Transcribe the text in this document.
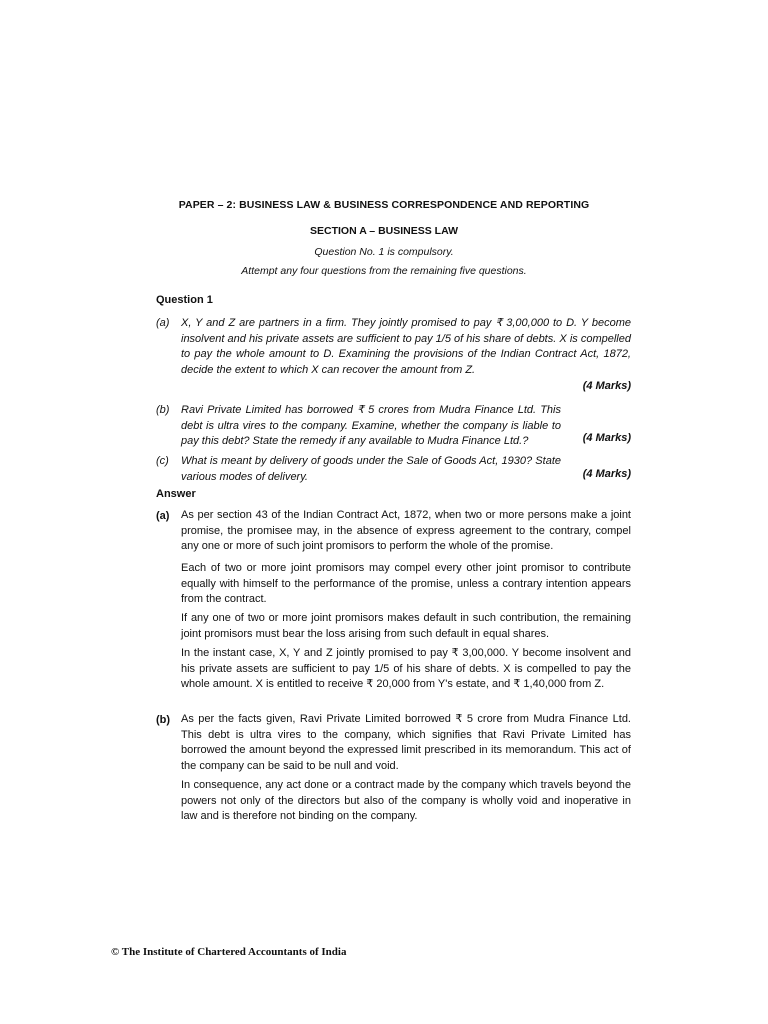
PAPER – 2: BUSINESS LAW & BUSINESS CORRESPONDENCE AND REPORTING
SECTION A – BUSINESS LAW
Question No. 1 is compulsory.
Attempt any four questions from the remaining five questions.
Question 1
(a) X, Y and Z are partners in a firm. They jointly promised to pay ₹ 3,00,000 to D. Y become insolvent and his private assets are sufficient to pay 1/5 of his share of debts. X is compelled to pay the whole amount to D. Examining the provisions of the Indian Contract Act, 1872, decide the extent to which X can recover the amount from Z.
(4 Marks)
(b) Ravi Private Limited has borrowed ₹ 5 crores from Mudra Finance Ltd. This debt is ultra vires to the company. Examine, whether the company is liable to pay this debt? State the remedy if any available to Mudra Finance Ltd.?	(4 Marks)
(c) What is meant by delivery of goods under the Sale of Goods Act, 1930? State various modes of delivery.	(4 Marks)
Answer
(a) As per section 43 of the Indian Contract Act, 1872, when two or more persons make a joint promise, the promisee may, in the absence of express agreement to the contrary, compel any one or more of such joint promisors to perform the whole of the promise.
Each of two or more joint promisors may compel every other joint promisor to contribute equally with himself to the performance of the promise, unless a contrary intention appears from the contract.
If any one of two or more joint promisors makes default in such contribution, the remaining joint promisors must bear the loss arising from such default in equal shares.
In the instant case, X, Y and Z jointly promised to pay ₹ 3,00,000. Y become insolvent and his private assets are sufficient to pay 1/5 of his share of debts. X is compelled to pay the whole amount. X is entitled to receive ₹ 20,000 from Y's estate, and ₹ 1,40,000 from Z.
(b) As per the facts given, Ravi Private Limited borrowed ₹ 5 crore from Mudra Finance Ltd. This debt is ultra vires to the company, which signifies that Ravi Private Limited has borrowed the amount beyond the expressed limit prescribed in its memorandum. This act of the company can be said to be null and void.
In consequence, any act done or a contract made by the company which travels beyond the powers not only of the directors but also of the company is wholly void and inoperative in law and is therefore not binding on the company.
© The Institute of Chartered Accountants of India
